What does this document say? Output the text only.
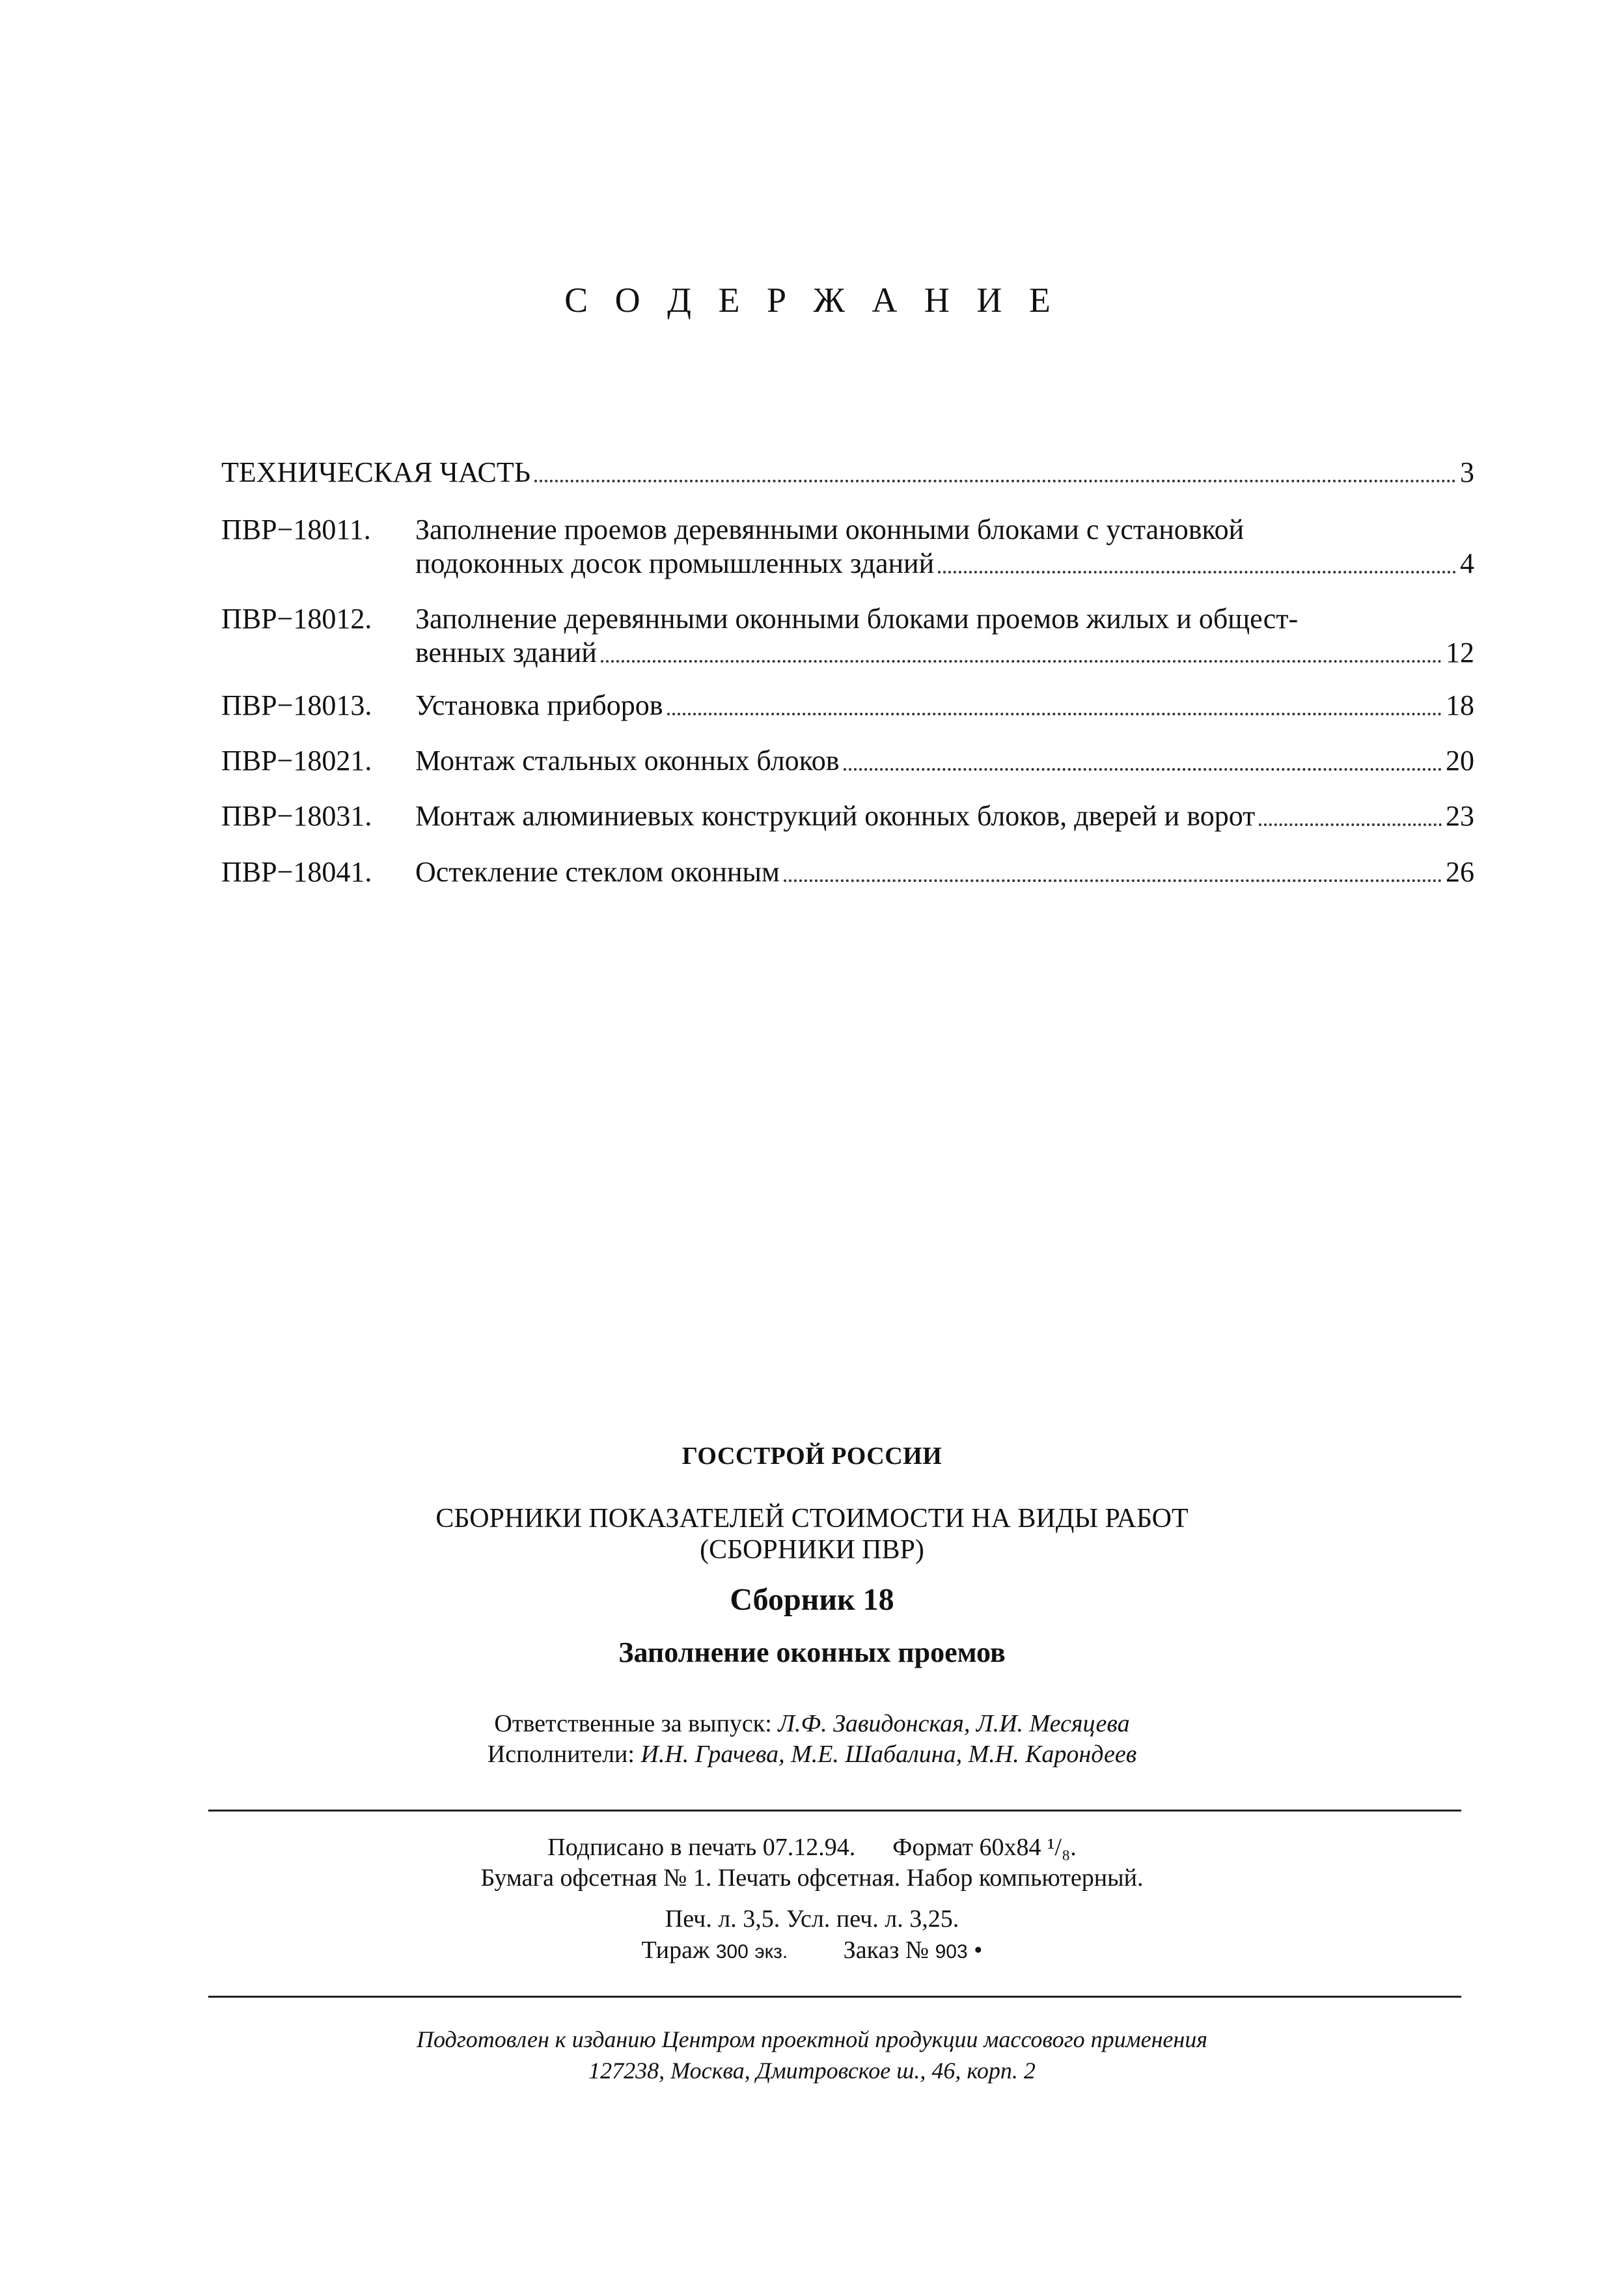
С О Д Е Р Ж А Н И Е
ТЕХНИЧЕСКАЯ ЧАСТЬ	3
ПВР−18011.	Заполнение проемов деревянными оконными блоками с установкой
подоконных досок промышленных зданий	4
ПВР−18012.	Заполнение деревянными оконными блоками проемов жилых и общест-
венных зданий	12
ПВР−18013.	Установка приборов	18
ПВР−18021.	Монтаж стальных оконных блоков	20
ПВР−18031.	Монтаж алюминиевых конструкций оконных блоков, дверей и ворот	23
ПВР−18041.	Остекление стеклом оконным	26
ГОССТРОЙ РОССИИ
СБОРНИКИ ПОКАЗАТЕЛЕЙ СТОИМОСТИ НА ВИДЫ РАБОТ
(СБОРНИКИ ПВР)
Сборник 18
Заполнение оконных проемов
Ответственные за выпуск: Л.Ф. Завидонская, Л.И. Месяцева
Исполнители: И.Н. Грачева, М.Е. Шабалина, М.Н. Карондеев
Подписано в печать 07.12.94. Формат 60x84 ¹/₈.
Бумага офсетная № 1. Печать офсетная. Набор компьютерный.
Печ. л. 3,5. Усл. печ. л. 3,25.
Тираж 300 экз. Заказ № 903 •
Подготовлен к изданию Центром проектной продукции массового применения
127238, Москва, Дмитровское ш., 46, корп. 2
